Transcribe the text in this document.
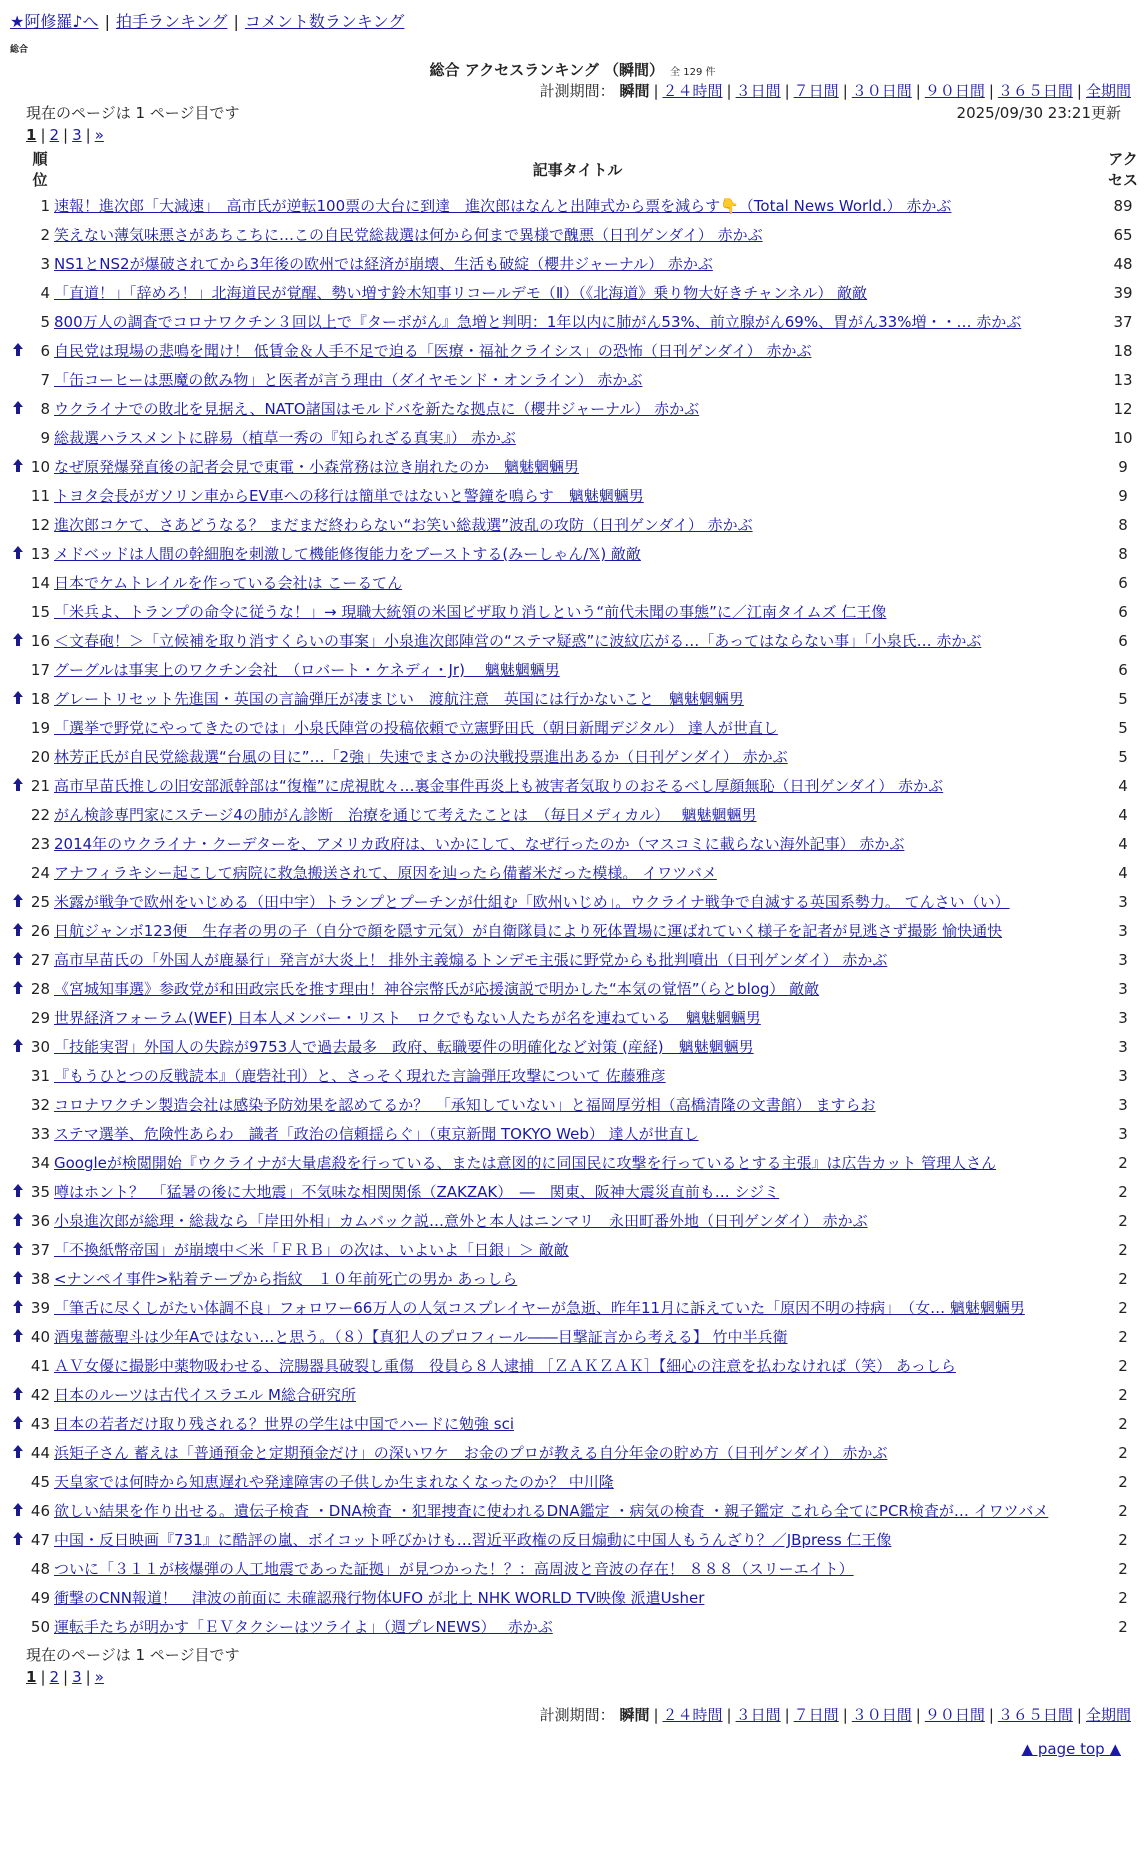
★阿修羅♪へ | 拍手ランキング | コメント数ランキング
総合
総合 アクセスランキング （瞬間） 全 129 件
計測期間： 瞬間 | ２４時間 | ３日間 | ７日間 | ３０日間 | ９０日間 | ３６５日間 | 全期間
現在のページは 1 ページ目です	2025/09/30 23:21更新
1 | 2 | 3 | »
	順位	記事タイトル	アクセス
	1	速報！進次郎「大減速」　高市氏が逆転100票の大台に到達　進次郎はなんと出陣式から票を減らす👇（Total News World.） 赤かぶ	89
	2	笑えない薄気味悪さがあちこちに…この自民党総裁選は何から何まで異様で醜悪（日刊ゲンダイ） 赤かぶ	65
	3	NS1とNS2が爆破されてから3年後の欧州では経済が崩壊、生活も破綻（櫻井ジャーナル） 赤かぶ	48
	4	「直道！」「辞めろ！」北海道民が覚醒、勢い増す鈴木知事リコールデモ（Ⅱ）（《北海道》乗り物大好きチャンネル） 敵敵	39
	5	800万人の調査でコロナワクチン３回以上で『ターボがん』急増と判明：1年以内に肺がん53%、前立腺がん69%、胃がん33%増・・… 赤かぶ	37
	6	自民党は現場の悲鳴を聞け！ 低賃金＆人手不足で迫る「医療・福祉クライシス」の恐怖（日刊ゲンダイ） 赤かぶ	18
	7	「缶コーヒーは悪魔の飲み物」と医者が言う理由（ダイヤモンド・オンライン） 赤かぶ	13
	8	ウクライナでの敗北を見据え、NATO諸国はモルドバを新たな拠点に（櫻井ジャーナル） 赤かぶ	12
	9	総裁選ハラスメントに辟易（植草一秀の『知られざる真実』） 赤かぶ	10
	10	なぜ原発爆発直後の記者会見で東電・小森常務は泣き崩れたのか　魑魅魍魎男	9
	11	トヨタ会長がガソリン車からEV車への移行は簡単ではないと警鐘を鳴らす　魑魅魍魎男	9
	12	進次郎コケて、さあどうなる？ まだまだ終わらない“お笑い総裁選”波乱の攻防（日刊ゲンダイ） 赤かぶ	8
	13	メドベッドは人間の幹細胞を刺激して機能修復能力をブーストする(みーしゃん/𝕏) 敵敵	8
	14	日本でケムトレイルを作っている会社は こーるてん	6
	15	「米兵よ、トランプの命令に従うな！」→ 現職大統領の米国ビザ取り消しという“前代未聞の事態”に／江南タイムズ 仁王像	6
	16	＜文春砲！＞「立候補を取り消すくらいの事案」小泉進次郎陣営の“ステマ疑惑”に波紋広がる…「あってはならない事」「小泉氏… 赤かぶ	6
	17	グーグルは事実上のワクチン会社　（ロバート・ケネディ・Jr)　 魑魅魍魎男	6
	18	グレートリセット先進国・英国の言論弾圧が凄まじい　渡航注意　英国には行かないこと　魑魅魍魎男	5
	19	「選挙で野党にやってきたのでは」小泉氏陣営の投稿依頼で立憲野田氏（朝日新聞デジタル） 達人が世直し	5
	20	林芳正氏が自民党総裁選“台風の目に”…「2強」失速でまさかの決戦投票進出あるか（日刊ゲンダイ） 赤かぶ	5
	21	高市早苗氏推しの旧安部派幹部は“復権”に虎視眈々…裏金事件再炎上も被害者気取りのおそるべし厚顔無恥（日刊ゲンダイ） 赤かぶ	4
	22	がん検診専門家にステージ4の肺がん診断　治療を通じて考えたことは　（毎日メディカル）　 魑魅魍魎男	4
	23	2014年のウクライナ・クーデターを、アメリカ政府は、いかにして、なぜ行ったのか（マスコミに載らない海外記事） 赤かぶ	4
	24	アナフィラキシー起こして病院に救急搬送されて、原因を辿ったら備蓄米だった模様。 イワツバメ	4
	25	米露が戦争で欧州をいじめる（田中宇）トランプとプーチンが仕組む「欧州いじめ」。ウクライナ戦争で自滅する英国系勢力。 てんさい（い）	3
	26	日航ジャンボ123便　生存者の男の子（自分で顔を隠す元気）が自衛隊員により死体置場に運ばれていく様子を記者が見逃さず撮影 愉快通快	3
	27	高市早苗氏の「外国人が鹿暴行」発言が大炎上！ 排外主義煽るトンデモ主張に野党からも批判噴出（日刊ゲンダイ） 赤かぶ	3
	28	《宮城知事選》参政党が和田政宗氏を推す理由！神谷宗幣氏が応援演説で明かした“本気の覚悟”（らとblog） 敵敵	3
	29	世界経済フォーラム(WEF) 日本人メンバー・リスト　ロクでもない人たちが名を連ねている　魑魅魍魎男	3
	30	「技能実習」外国人の失踪が9753人で過去最多　政府、転職要件の明確化など対策 (産経)　魑魅魍魎男	3
	31	『もうひとつの反戦読本』（鹿砦社刊）と、さっそく現れた言論弾圧攻撃について 佐藤雅彦	3
	32	コロナワクチン製造会社は感染予防効果を認めてるか？　「承知していない」と福岡厚労相（高橋清隆の文書館） ますらお	3
	33	ステマ選挙、危険性あらわ　識者「政治の信頼揺らぐ」（東京新聞 TOKYO Web） 達人が世直し	3
	34	Googleが検閲開始『ウクライナが大量虐殺を行っている、または意図的に同国民に攻撃を行っているとする主張』は広告カット 管理人さん	2
	35	噂はホント？　「猛暑の後に大地震」不気味な相関関係（ZAKZAK）　―　関東、阪神大震災直前も… シジミ	2
	36	小泉進次郎が総理・総裁なら「岸田外相」カムバック説…意外と本人はニンマリ　永田町番外地（日刊ゲンダイ） 赤かぶ	2
	37	「不換紙幣帝国」が崩壊中＜米「ＦＲＢ」の次は、いよいよ「日銀」＞ 敵敵	2
	38	<ナンペイ事件>粘着テープから指紋　１０年前死亡の男か あっしら	2
	39	「筆舌に尽くしがたい体調不良」フォロワー66万人の人気コスプレイヤーが急逝、昨年11月に訴えていた「原因不明の持病」　（女… 魑魅魍魎男	2
	40	酒鬼薔薇聖斗は少年Aではない…と思う。（８）【真犯人のプロフィール――目撃証言から考える】 竹中半兵衛	2
	41	ＡＶ女優に撮影中薬物吸わせる、浣腸器具破裂し重傷　役員ら８人逮捕 ［ＺＡＫＺＡＫ］【細心の注意を払わなければ（笑） あっしら	2
	42	日本のルーツは古代イスラエル M総合研究所	2
	43	日本の若者だけ取り残される？世界の学生は中国でハードに勉強 sci	2
	44	浜矩子さん 蓄えは「普通預金と定期預金だけ」の深いワケ　お金のプロが教える自分年金の貯め方（日刊ゲンダイ） 赤かぶ	2
	45	天皇家では何時から知恵遅れや発達障害の子供しか生まれなくなったのか？ 中川隆	2
	46	欲しい結果を作り出せる。遺伝子検査 ・DNA検査 ・犯罪捜査に使われるDNA鑑定 ・病気の検査 ・親子鑑定 これら全てにPCR検査が… イワツバメ	2
	47	中国・反日映画『731』に酷評の嵐、ボイコット呼びかけも…習近平政権の反日煽動に中国人もうんざり？／JBpress 仁王像	2
	48	ついに「３１１が核爆弾の人工地震であった証拠」が見つかった！？：高周波と音波の存在！ ８８８（スリーエイト）	2
	49	衝撃のCNN報道！　津波の前面に 未確認飛行物体UFO が北上 NHK WORLD TV映像 派遣Usher	2
	50	運転手たちが明かす「ＥＶタクシーはツライよ」（週プレNEWS）　 赤かぶ	2
現在のページは 1 ページ目です
1 | 2 | 3 | »
計測期間： 瞬間 | ２４時間 | ３日間 | ７日間 | ３０日間 | ９０日間 | ３６５日間 | 全期間
▲ page top ▲
